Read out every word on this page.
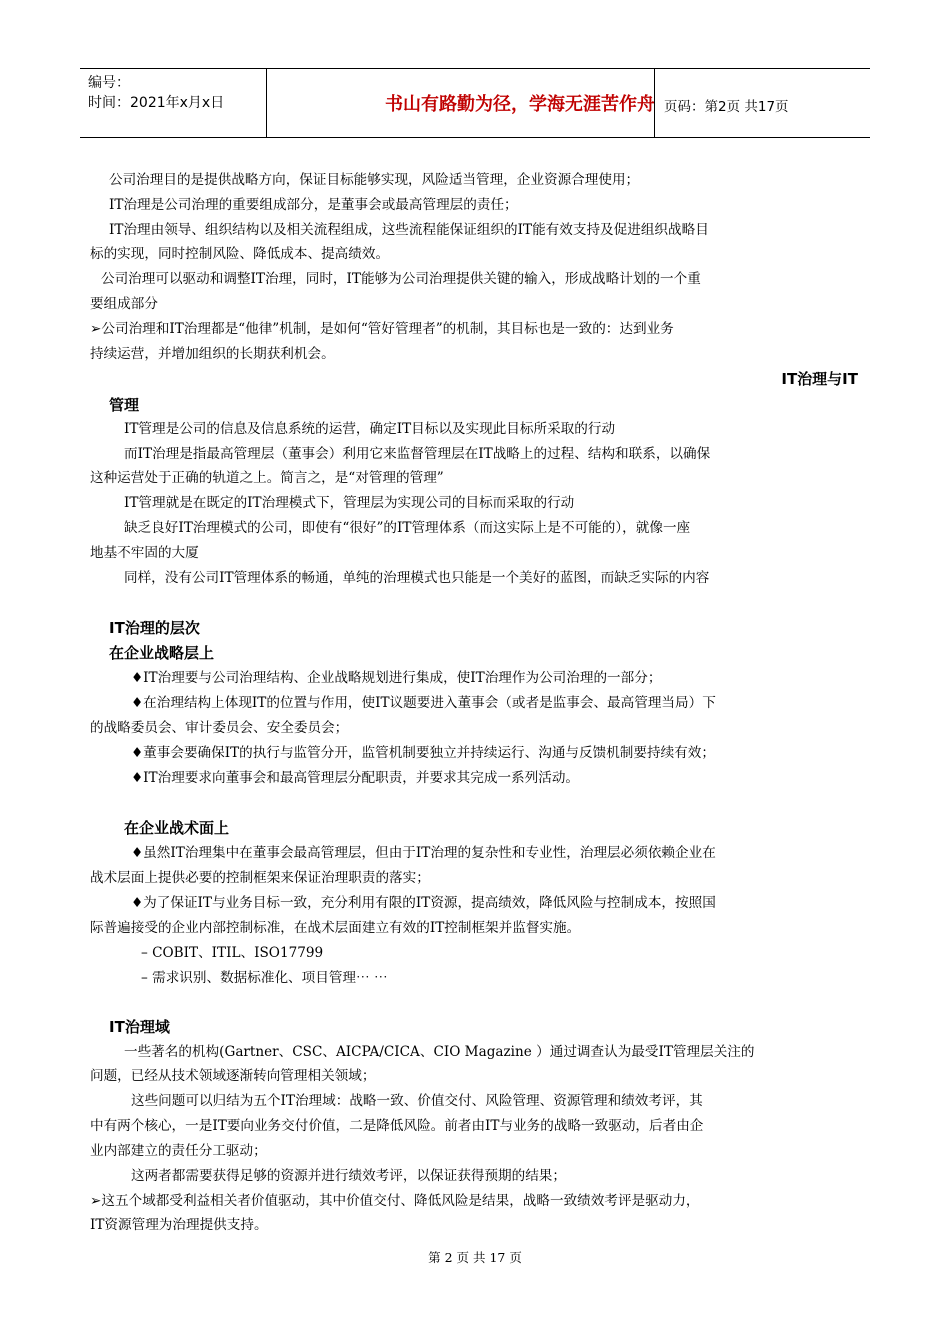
编号：
时间：2021年x月x日	书山有路勤为径，学海无涯苦作舟 页码：第2页 共17页
公司治理目的是提供战略方向，保证目标能够实现，风险适当管理，企业资源合理使用；
IT治理是公司治理的重要组成部分，是董事会或最高管理层的责任；
IT治理由领导、组织结构以及相关流程组成，这些流程能保证组织的IT能有效支持及促进组织战略目
标的实现，同时控制风险、降低成本、提高绩效。
公司治理可以驱动和调整IT治理，同时，IT能够为公司治理提供关键的输入，形成战略计划的一个重
要组成部分
➢公司治理和IT治理都是“他律”机制，是如何“管好管理者”的机制，其目标也是一致的：达到业务
持续运营，并增加组织的长期获利机会。
IT治理与IT
管理
IT管理是公司的信息及信息系统的运营，确定IT目标以及实现此目标所采取的行动
而IT治理是指最高管理层（董事会）利用它来监督管理层在IT战略上的过程、结构和联系，以确保
这种运营处于正确的轨道之上。简言之，是“对管理的管理”
IT管理就是在既定的IT治理模式下，管理层为实现公司的目标而采取的行动
缺乏良好IT治理模式的公司，即使有“很好”的IT管理体系（而这实际上是不可能的），就像一座
地基不牢固的大厦
同样，没有公司IT管理体系的畅通，单纯的治理模式也只能是一个美好的蓝图，而缺乏实际的内容
IT治理的层次
在企业战略层上
♦IT治理要与公司治理结构、企业战略规划进行集成，使IT治理作为公司治理的一部分；
♦在治理结构上体现IT的位置与作用，使IT议题要进入董事会（或者是监事会、最高管理当局）下
的战略委员会、审计委员会、安全委员会；
♦董事会要确保IT的执行与监管分开，监管机制要独立并持续运行、沟通与反馈机制要持续有效；
♦IT治理要求向董事会和最高管理层分配职责，并要求其完成一系列活动。
在企业战术面上
♦虽然IT治理集中在董事会最高管理层，但由于IT治理的复杂性和专业性，治理层必须依赖企业在
战术层面上提供必要的控制框架来保证治理职责的落实；
♦为了保证IT与业务目标一致，充分利用有限的IT资源，提高绩效，降低风险与控制成本，按照国
际普遍接受的企业内部控制标准，在战术层面建立有效的IT控制框架并监督实施。
– COBIT、ITIL、ISO17799
– 需求识别、数据标准化、项目管理⋯ ⋯
IT治理域
一些著名的机构(Gartner、CSC、AICPA/CICA、CIO Magazine ）通过调查认为最受IT管理层关注的
问题，已经从技术领域逐渐转向管理相关领域；
这些问题可以归结为五个IT治理域：战略一致、价值交付、风险管理、资源管理和绩效考评，其
中有两个核心，一是IT要向业务交付价值，二是降低风险。前者由IT与业务的战略一致驱动，后者由企
业内部建立的责任分工驱动；
这两者都需要获得足够的资源并进行绩效考评，以保证获得预期的结果；
➢这五个域都受利益相关者价值驱动，其中价值交付、降低风险是结果，战略一致绩效考评是驱动力，
IT资源管理为治理提供支持。
第 2 页 共 17 页
